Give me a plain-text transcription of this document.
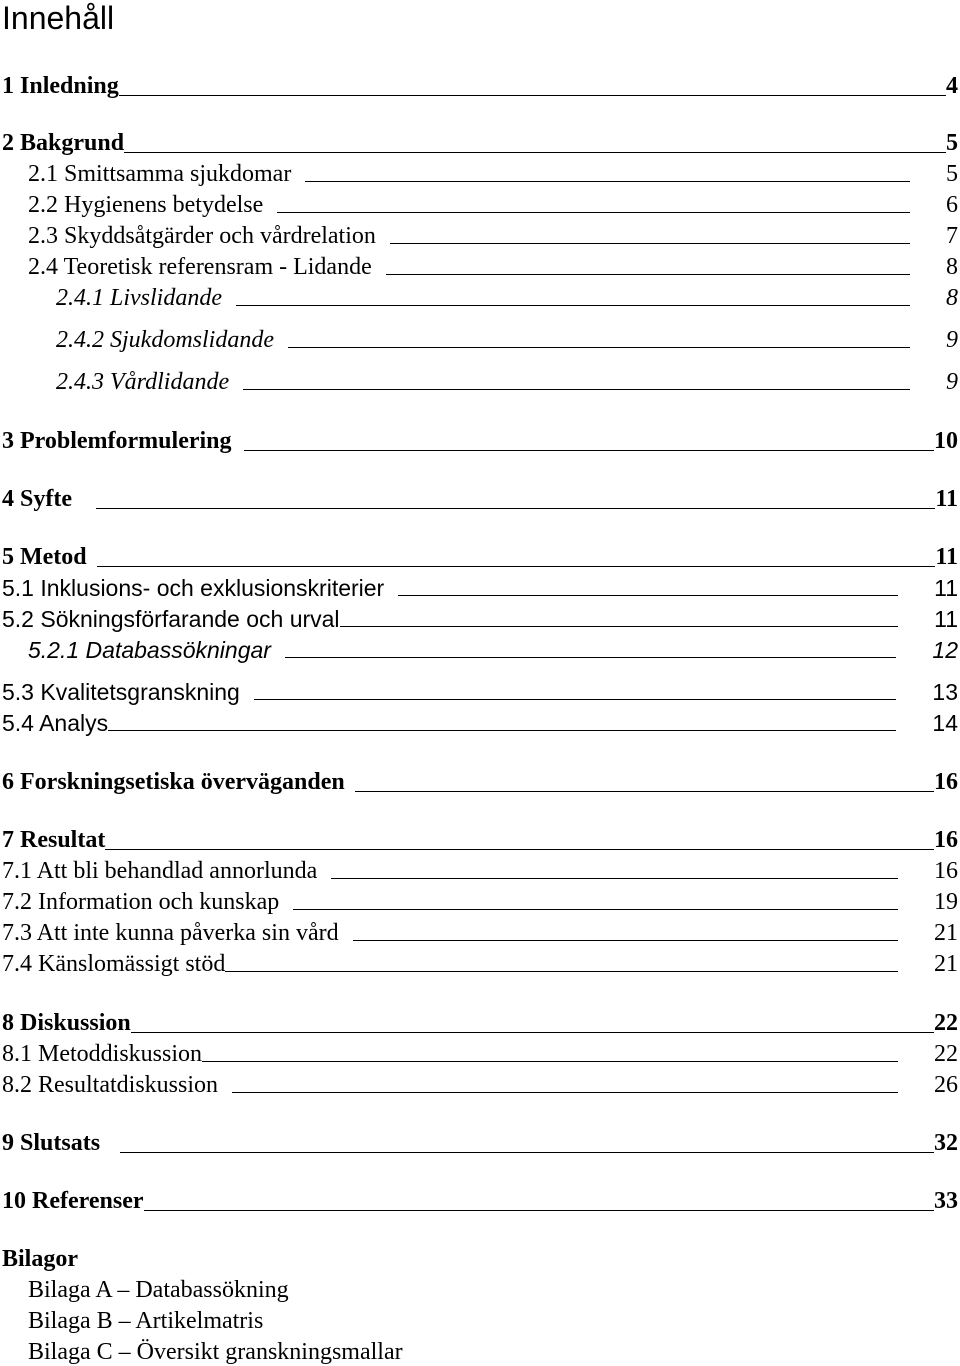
Innehåll
1 Inledning	4
2 Bakgrund	5
2.1 Smittsamma sjukdomar	5
2.2 Hygienens betydelse	6
2.3 Skyddsåtgärder och vårdrelation	7
2.4 Teoretisk referensram - Lidande	8
2.4.1 Livslidande	8
2.4.2 Sjukdomslidande	9
2.4.3 Vårdlidande	9
3 Problemformulering	10
4 Syfte	11
5 Metod	11
5.1 Inklusions- och exklusionskriterier	11
5.2 Sökningsförfarande och urval	11
5.2.1 Databassökningar	12
5.3 Kvalitetsgranskning	13
5.4 Analys	14
6 Forskningsetiska överväganden	16
7 Resultat	16
7.1 Att bli behandlad annorlunda	16
7.2 Information och kunskap	19
7.3 Att inte kunna påverka sin vård	21
7.4 Känslomässigt stöd	21
8 Diskussion	22
8.1 Metoddiskussion	22
8.2 Resultatdiskussion	26
9 Slutsats	32
10 Referenser	33
Bilagor
Bilaga A – Databassökning
Bilaga B – Artikelmatris
Bilaga C – Översikt granskningsmallar
